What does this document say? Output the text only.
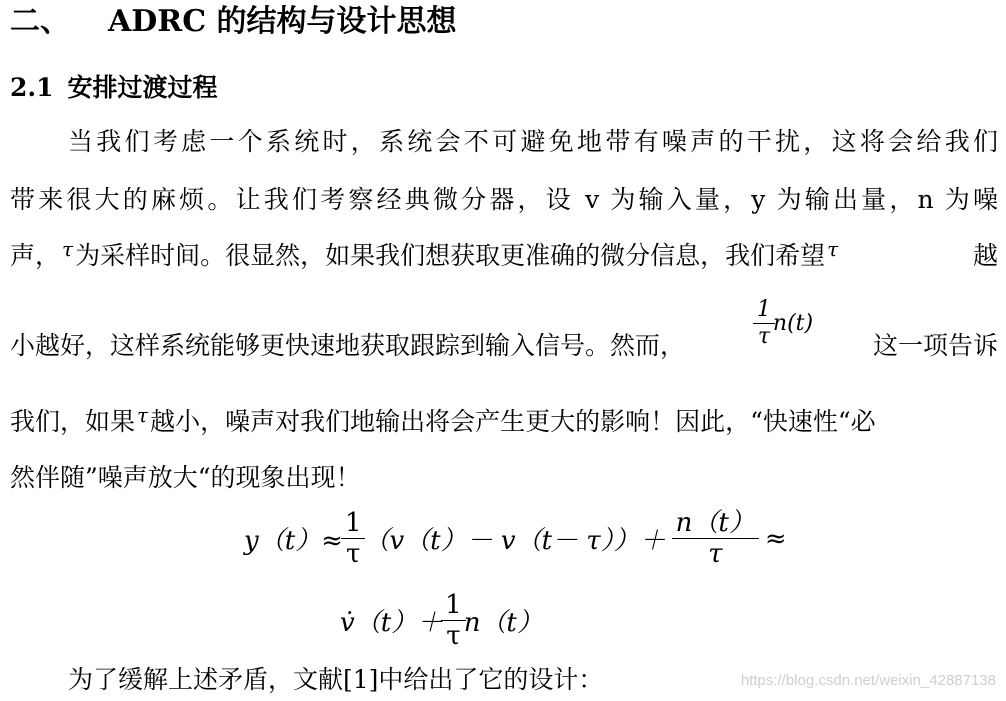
二、 ADRC 的结构与设计思想
2.1 安排过渡过程
当我们考虑一个系统时，系统会不可避免地带有噪声的干扰，这将会给我们
带来很大的麻烦。让我们考察经典微分器，设 v 为输入量，y 为输出量，n 为噪
声， $^\tau$为采样时间。很显然，如果我们想获取更准确的微分信息，我们希望 $^\tau$	越
小越好，这样系统能够更快速地获取跟踪到输入信号。然而，	$\frac{1}{\tau} n(t)$
这一项告诉
我们，如果 $^\tau$越小，噪声对我们地输出将会产生更大的影响！因此，“快速性“必
然伴随”噪声放大“的现象出现！
$y(t)\approx \frac{1}{\tau} (v(t)- v(t- \tau))+ \frac{n(t)}{\tau}$ ≈
v̇（t）＋ $\frac{1}{\tau} n(t)$
为了缓解上述矛盾，文献[1]中给出了它的设计：	https://blog.csdn.net/weixin_42887138
